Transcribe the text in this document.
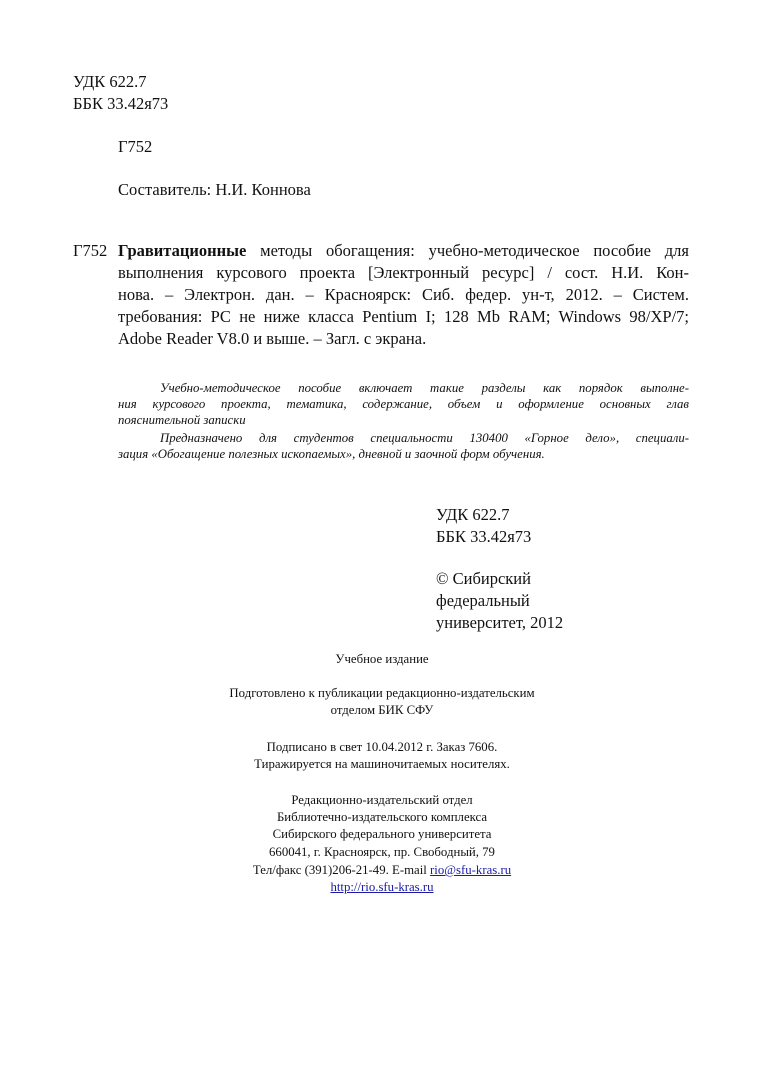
УДК 622.7
ББК 33.42я73
Г752
Составитель: Н.И. Коннова
Г752 Гравитационные методы обогащения: учебно-методическое пособие для
выполнения курсового проекта [Электронный ресурс] / сост. Н.И. Кон-
нова. – Электрон. дан. – Красноярск: Сиб. федер. ун-т, 2012. – Систем.
требования: PC не ниже класса Pentium I; 128 Mb RAM; Windows 98/XP/7;
Adobe Reader V8.0 и выше. – Загл. с экрана.
Учебно-методическое пособие включает такие разделы как порядок выполне-
ния курсового проекта, тематика, содержание, объем и оформление основных глав
пояснительной записки
Предназначено для студентов специальности 130400 «Горное дело», специали-
зация «Обогащение полезных ископаемых», дневной и заочной форм обучения.
УДК 622.7
ББК 33.42я73
© Сибирский
федеральный
университет, 2012
Учебное издание
Подготовлено к публикации редакционно-издательским
отделом БИК СФУ
Подписано в свет 10.04.2012 г. Заказ 7606.
Тиражируется на машиночитаемых носителях.
Редакционно-издательский отдел
Библиотечно-издательского комплекса
Сибирского федерального университета
660041, г. Красноярск, пр. Свободный, 79
Тел/факс (391)206-21-49. E-mail rio@sfu-kras.ru
http://rio.sfu-kras.ru
